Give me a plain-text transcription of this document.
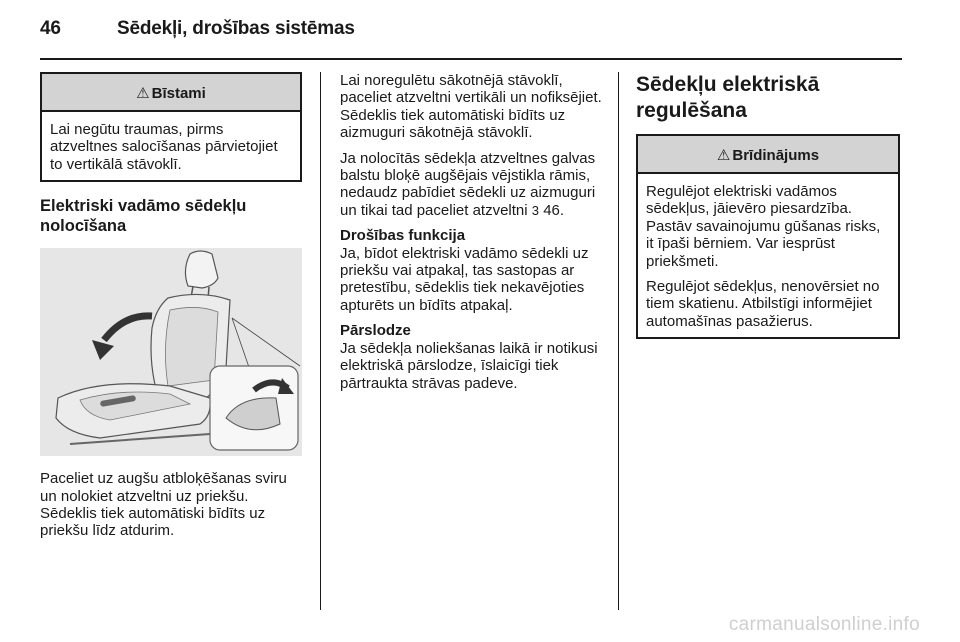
46	Sēdekļi, drošības sistēmas
⚠ Bīstami

Lai negūtu traumas, pirms atzveltnes salocīšanas pārvietojiet to vertikālā stāvoklī.

Elektriski vadāmo sēdekļu
nolocīšana

Paceliet uz augšu atbloķēšanas sviru un nolokiet atzveltni uz priekšu. Sēdeklis tiek automātiski bīdīts uz priekšu līdz atdurim.

Lai noregulētu sākotnējā stāvoklī, paceliet atzveltni vertikāli un nofiksējiet. Sēdeklis tiek automātiski bīdīts uz aizmuguri sākotnējā stāvoklī.

Ja nolocītās sēdekļa atzveltnes galvas balstu bloķē augšējais vējstikla rāmis, nedaudz pabīdiet sēdekli uz aizmuguri un tikai tad paceliet atzveltni 3 46.

Drošības funkcija
Ja, bīdot elektriski vadāmo sēdekli uz priekšu vai atpakaļ, tas sastopas ar pretestību, sēdeklis tiek nekavējoties apturēts un bīdīts atpakaļ.

Pārslodze
Ja sēdekļa noliekšanas laikā ir notikusi elektriskā pārslodze, īslaicīgi tiek pārtraukta strāvas padeve.

Sēdekļu elektriskā
regulēšana
⚠ Brīdinājums

Regulējot elektriski vadāmos sēdekļus, jāievēro piesardzība. Pastāv savainojumu gūšanas risks, it īpaši bērniem. Var iesprūst priekšmeti.

Regulējot sēdekļus, nenovērsiet no tiem skatienu. Atbilstīgi informējiet automašīnas pasažierus.

carmanualsonline.info
